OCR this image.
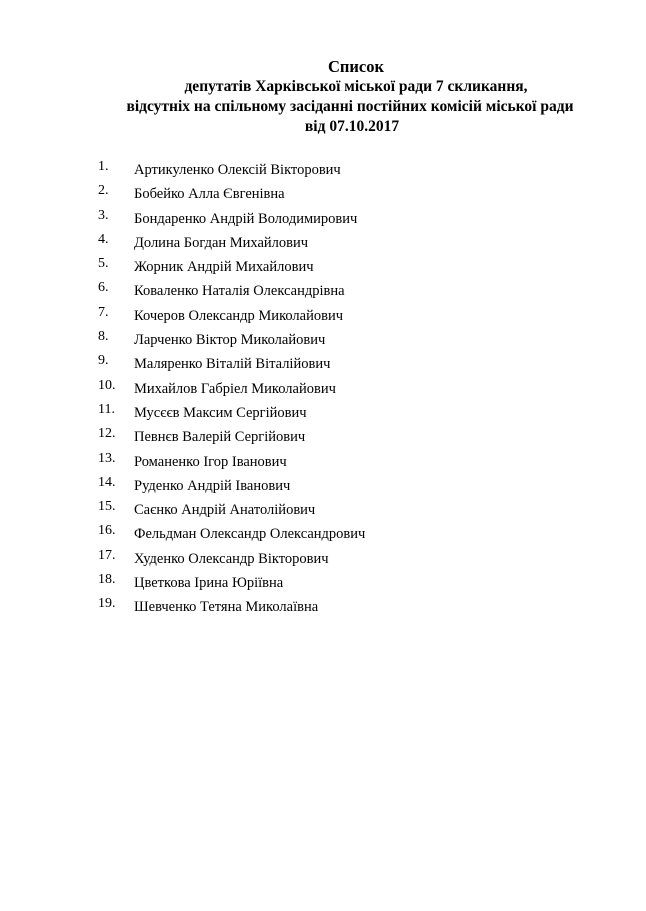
Список
депутатів Харківської міської ради 7 скликання,
відсутніх на спільному засіданні постійних комісій міської ради
від 07.10.2017
1. Артикуленко Олексій Вікторович
2. Бобейко Алла Євгенівна
3. Бондаренко Андрій Володимирович
4. Долина Богдан Михайлович
5. Жорник Андрій Михайлович
6. Коваленко Наталія Олександрівна
7. Кочеров Олександр Миколайович
8. Ларченко Віктор Миколайович
9. Маляренко Віталій Віталійович
10. Михайлов Габріел Миколайович
11. Мусєєв Максим Сергійович
12. Певнєв Валерій Сергійович
13. Романенко Ігор Іванович
14. Руденко Андрій Іванович
15. Саєнко Андрій Анатолійович
16. Фельдман Олександр Олександрович
17. Худенко Олександр Вікторович
18. Цветкова Ірина Юріївна
19. Шевченко Тетяна Миколаївна
